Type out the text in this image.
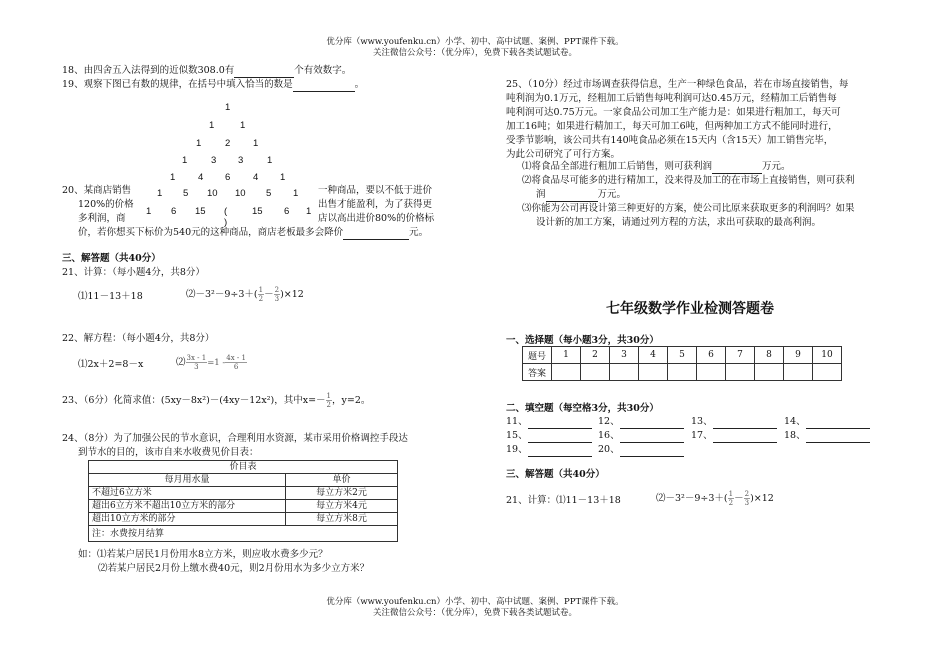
优分库（www.youfenku.cn）小学、初中、高中试题、案例、PPT课件下载。
关注微信公众号：（优分库），免费下载各类试题试卷。
18、由四舍五入法得到的近似数308.0有	个有效数字。
19、观察下图已有数的规律，在括号中填入恰当的数是	。
1
1	1
1 2 1
1 3 3 1
1 4 6 4 1
1 5 10 10 5 1
1 6 15 ( )
15 6 1
20、某商店销售	一种商品，要以不低于进价
120%的价格	出售才能盈利，为了获得更
多利润，商	店以高出进价80%的价格标
价，若你想买下标价为540元的这种商品，商店老板最多会降价	元。
三、解答题（共40分）
21、计算：（每小题4分，共8分）
⑴11－13＋18	⑵－3²－9÷3＋( $\frac{1}{2} - \frac{2}{3} )\times 12$
22、解方程：（每小题4分，共8分）
⑴2x＋2=8－x	⑵ $\frac{3x - 1}{3} =1 - \frac{4x - 1}{6}$
23、（6分）化简求值：(5xy－8x²)－(4xy－12x²)，其中$x=- \frac{1}{2}$ ，y=2。
24、（8分）为了加强公民的节水意识，合理利用水资源，某市采用价格调控手段达
到节水的目的，该市自来水收费见价目表：
价目表	
每月用水量	单价
不超过6立方米	每立方米2元
超出6立方米不超出10立方米的部分	每立方米4元
超出10立方米的部分	每立方米8元
注：水费按月结算	
如：⑴若某户居民1月份用水8立方米，则应收水费多少元？
⑵若某户居民2月份上缴水费40元，则2月份用水为多少立方米？
25、（10分）经过市场调查获得信息，生产一种绿色食品，若在市场直接销售，每
吨利润为0.1万元，经粗加工后销售每吨利润可达0.45万元，经精加工后销售每
吨利润可达0.75万元。一家食品公司加工生产能力是：如果进行粗加工，每天可
加工16吨；如果进行精加工，每天可加工6吨，但两种加工方式不能同时进行，
受季节影响，该公司共有140吨食品必须在15天内（含15天）加工销售完毕，
为此公司研究了可行方案。
⑴将食品全部进行粗加工后销售，则可获利润	万元。
⑵将食品尽可能多的进行精加工，没来得及加工的在市场上直接销售，则可获利
润	万元。
⑶你能为公司再设计第三种更好的方案，使公司比原来获取更多的利润吗？如果
设计新的加工方案，请通过列方程的方法，求出可获取的最高利润。
七年级数学作业检测答题卷
一、选择题（每小题3分，共30分）
题号	1	2	3	4	5	6	7	8	9	10
答案										
二、填空题（每空格3分，共30分）
11、	12、	13、	14、
15、	16、	17、	18、
19、	20、
三、解答题（共40分）
21、计算：⑴11－13＋18	⑵－3²－9÷3＋( $\frac{1}{2} - \frac{2}{3} )\times 12$
优分库（www.youfenku.cn）小学、初中、高中试题、案例、PPT课件下载。
关注微信公众号：（优分库），免费下载各类试题试卷。
